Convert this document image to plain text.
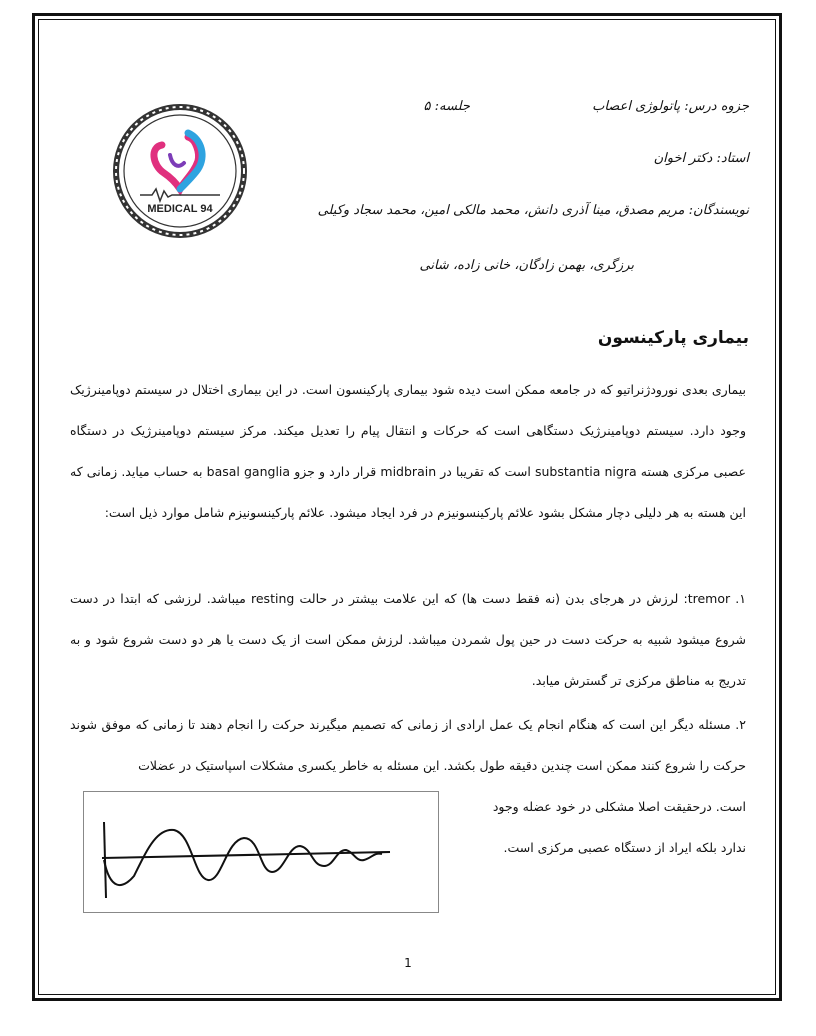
MEDICAL 94
جزوه درس: پاتولوژی اعصاب جلسه: ۵
استاد: دکتر اخوان
نویسندگان: مریم مصدق، مینا آذری دانش، محمد مالکی امین، محمد سجاد وکیلی
برزگری، بهمن زادگان، خانی زاده، شانی
بیماری پارکینسون
بیماری بعدی نورودژنراتیو که در جامعه ممکن است دیده شود بیماری پارکینسون است. در این بیماری اختلال در سیستم دوپامینرژیک وجود دارد. سیستم دوپامینرژیک دستگاهی است که حرکات و انتقال پیام را تعدیل میکند. مرکز سیستم دوپامینرژیک در دستگاه عصبی مرکزی هسته substantia nigra است که تقریبا در midbrain قرار دارد و جزو basal ganglia به حساب میاید. زمانی که این هسته به هر دلیلی دچار مشکل بشود علائم پارکینسونیزم در فرد ایجاد میشود. علائم پارکینسونیزم شامل موارد ذیل است:
۱. tremor: لرزش در هرجای بدن (نه فقط دست ها) که این علامت بیشتر در حالت resting میباشد. لرزشی که ابتدا در دست شروع میشود شبیه به حرکت دست در حین پول شمردن میباشد. لرزش ممکن است از یک دست یا هر دو دست شروع شود و به تدریج به مناطق مرکزی تر گسترش میابد.
۲. مسئله دیگر این است که هنگام انجام یک عمل ارادی از زمانی که تصمیم میگیرند حرکت را انجام دهند تا زمانی که موفق شوند حرکت را شروع کنند ممکن است چندین دقیقه طول بکشد. این مسئله به خاطر یکسری مشکلات اسپاستیک در عضلات
است. درحقیقت اصلا مشکلی در خود عضله وجود ندارد بلکه ایراد از دستگاه عصبی مرکزی است.
1
